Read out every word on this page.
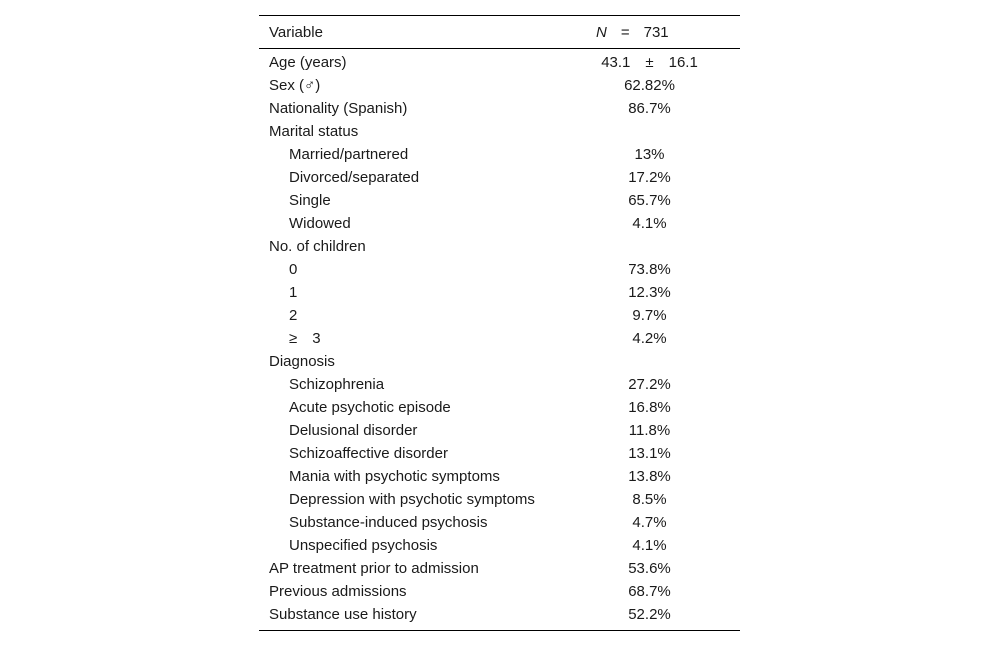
Variable	N = 731
Age (years)	43.1 ± 16.1
Sex (♂)	62.82%
Nationality (Spanish)	86.7%
Marital status
Married/partnered	13%
Divorced/separated	17.2%
Single	65.7%
Widowed	4.1%
No. of children
0	73.8%
1	12.3%
2	9.7%
≥ 3	4.2%
Diagnosis
Schizophrenia	27.2%
Acute psychotic episode	16.8%
Delusional disorder	11.8%
Schizoaffective disorder	13.1%
Mania with psychotic symptoms	13.8%
Depression with psychotic symptoms	8.5%
Substance-induced psychosis	4.7%
Unspecified psychosis	4.1%
AP treatment prior to admission	53.6%
Previous admissions	68.7%
Substance use history	52.2%
